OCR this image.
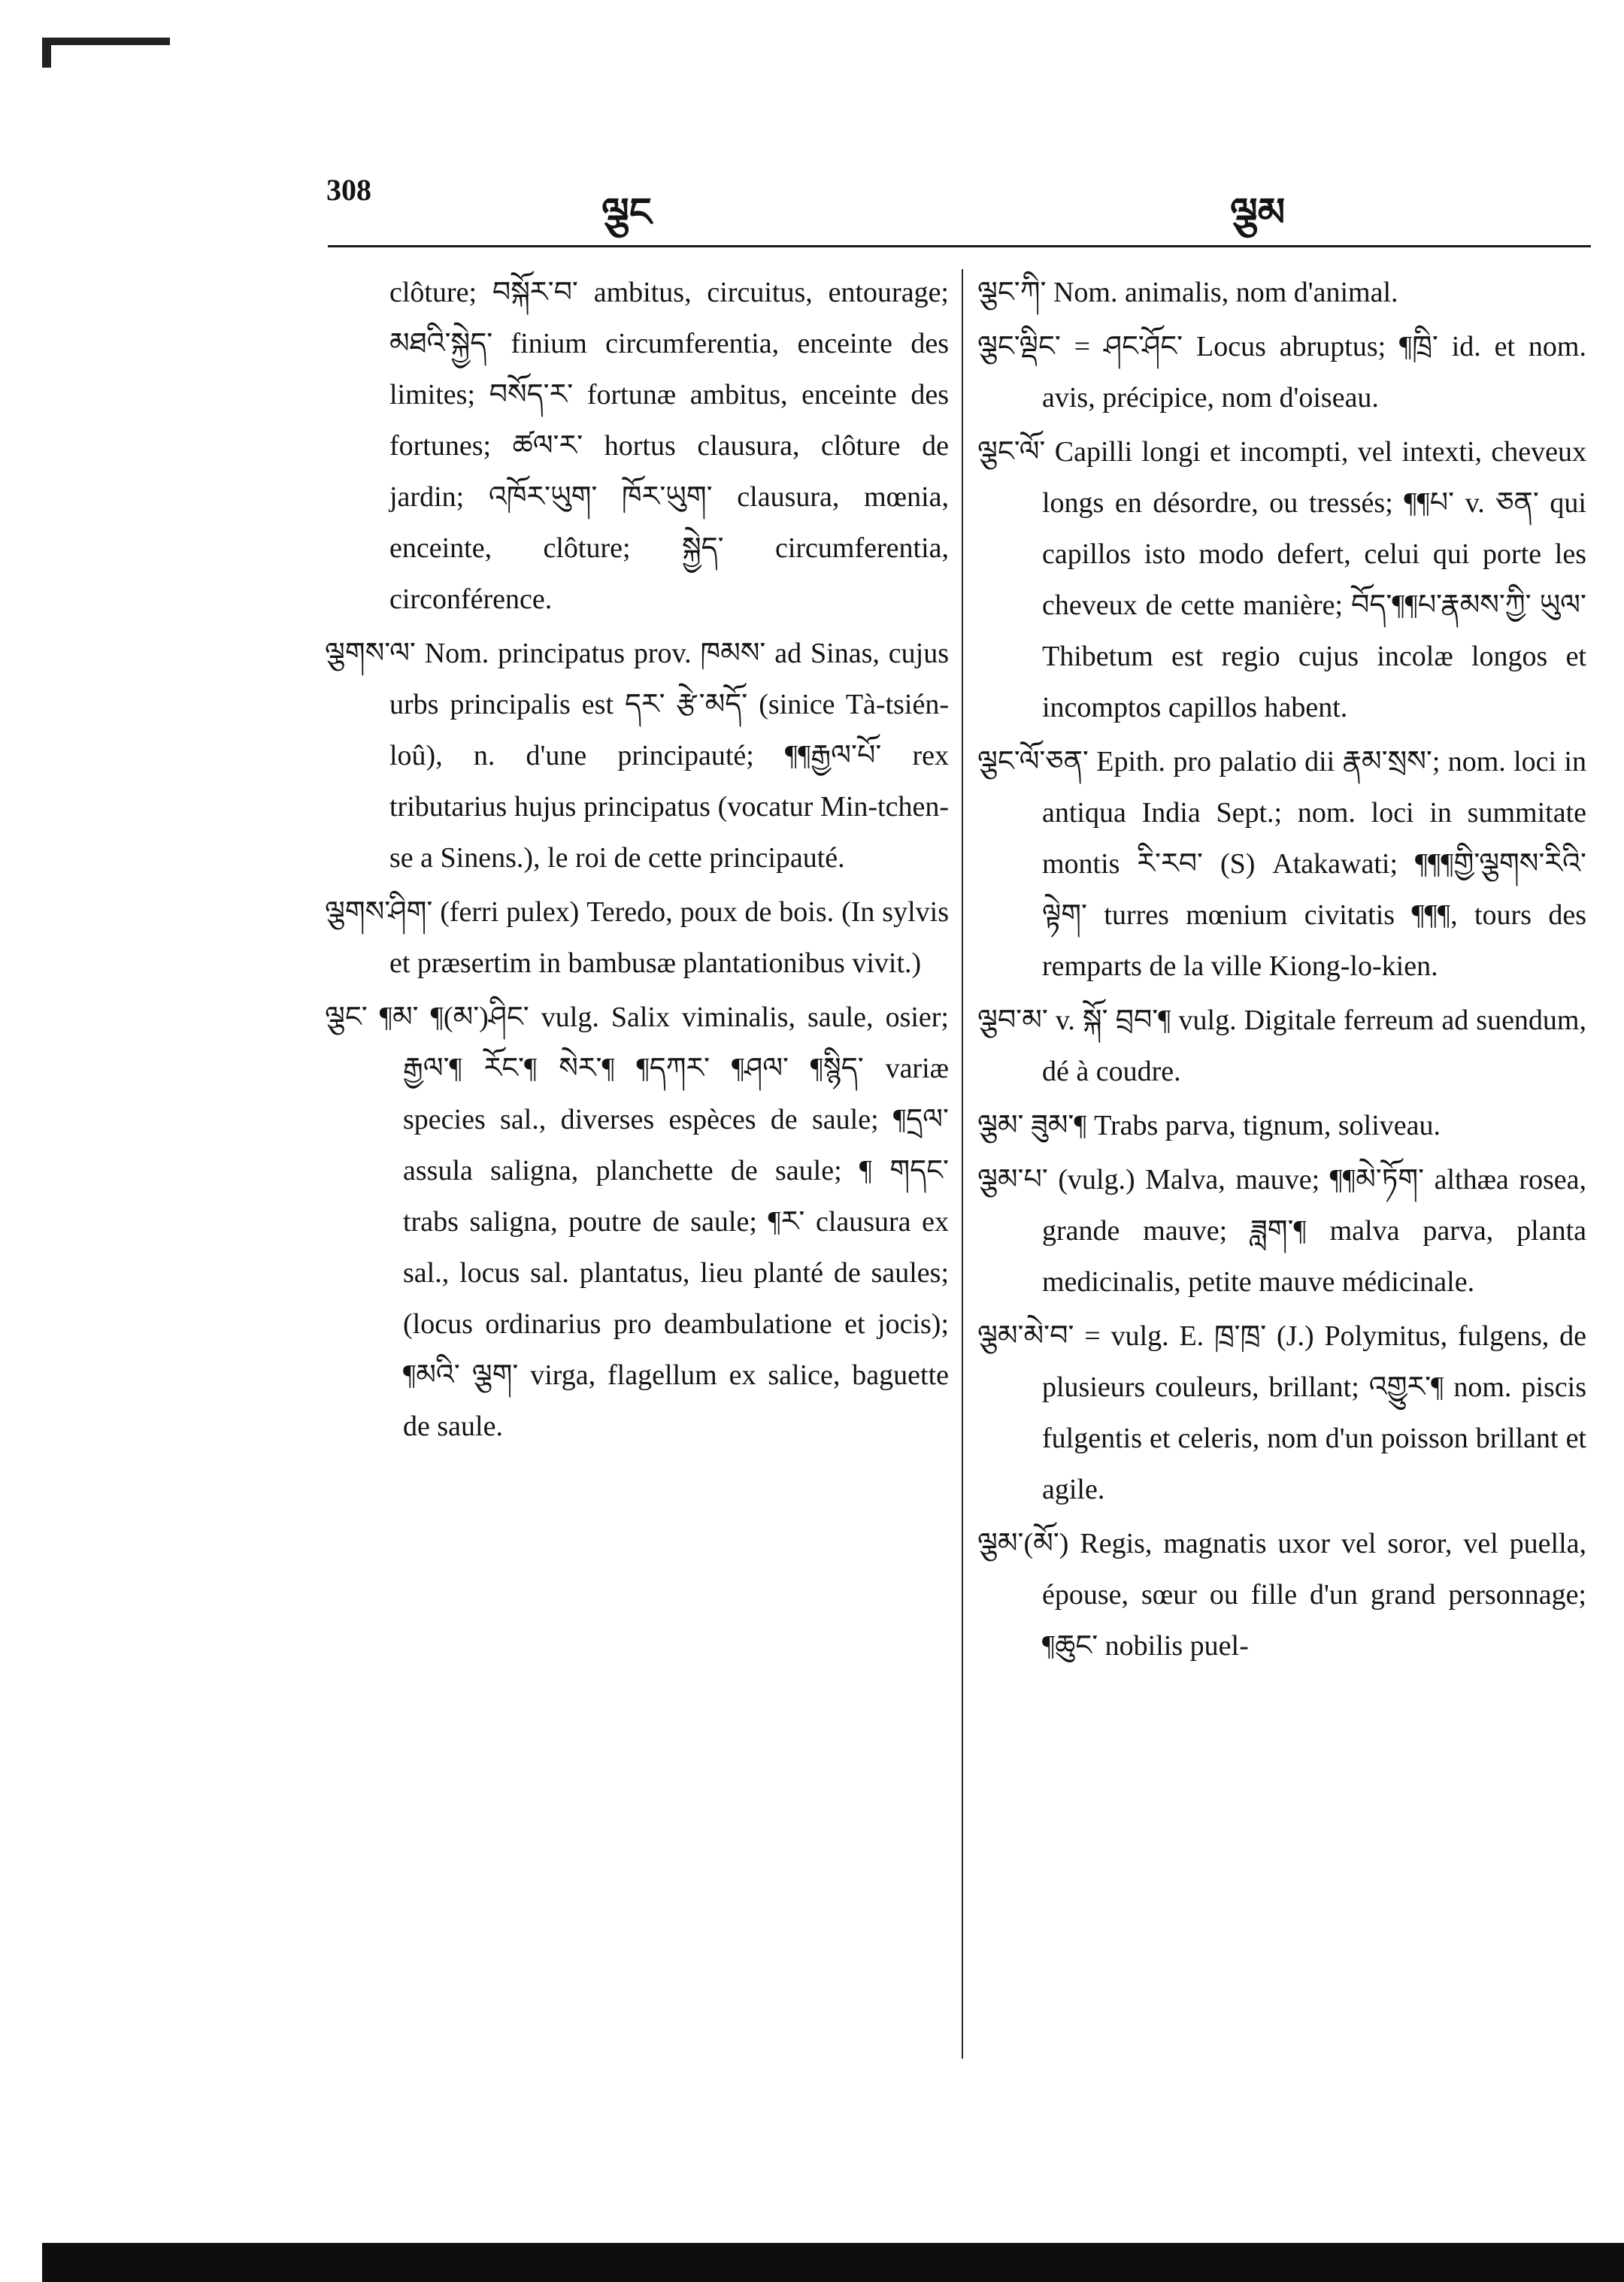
308
ལྕང	ལྕམ

clôture; བསྐོར་བ་ ambitus, circuitus, entourage; མཐའི་སྐྱེད་ finium circumferentia, enceinte des limites; བསོད་ར་ fortunæ ambitus, enceinte des fortunes; ཚལ་ར་ hortus clausura, clôture de jardin; འཁོར་ཡུག་ ཁོར་ཡུག་ clausura, mœnia, enceinte, clôture; སྐྱེད་ circumferentia, circonférence.

ལྕགས་ལ་ Nom. principatus prov. ཁམས་ ad Sinas, cujus urbs principalis est དར་ རྩེ་མདོ་ (sinice Tà-tsién-loû), n. d'une principauté; ¶¶རྒྱལ་པོ་ rex tributarius hujus principatus (vocatur Min-tchen-se a Sinens.), le roi de cette principauté.

ལྕགས་ཤིག་ (ferri pulex) Teredo, poux de bois. (In sylvis et præsertim in bambusæ plantationibus vivit.)

ལྕང་ ¶མ་ ¶(མ་)ཤིང་ vulg. Salix viminalis, saule, osier; རྒྱལ་¶ རོང་¶ སེར་¶ ¶དཀར་ ¶ཤལ་ ¶སྙིད་ variæ species sal., diverses espèces de saule; ¶དྲལ་ assula saligna, planchette de saule; ¶ གདང་ trabs saligna, poutre de saule; ¶ར་ clausura ex sal., locus sal. plantatus, lieu planté de saules; (locus ordinarius pro deambulatione et jocis); ¶མའི་ ལྕག་ virga, flagellum ex salice, baguette de saule.

ལྕང་ཀི་ Nom. animalis, nom d'animal.

ལྕང་ལྡིང་ = ཤང་ཤོང་ Locus abruptus; ¶ཁྲི་ id. et nom. avis, précipice, nom d'oiseau.

ལྕང་ལོ་ Capilli longi et incompti, vel intexti, cheveux longs en désordre, ou tressés; ¶¶པ་ v. ཅན་ qui capillos isto modo defert, celui qui porte les cheveux de cette manière; བོད་¶¶པ་རྣམས་ཀྱི་ ཡུལ་ Thibetum est regio cujus incolæ longos et incomptos capillos habent.

ལྕང་ལོ་ཅན་ Epith. pro palatio dii རྣམ་སྲས་; nom. loci in antiqua India Sept.; nom. loci in summitate montis རི་རབ་ (S) Atakawati; ¶¶¶གྱི་ལྕགས་རིའི་ལྟེག་ turres mœnium civitatis ¶¶¶, tours des remparts de la ville Kiong-lo-kien.

ལྕབ་མ་ v. སྐོ་ བྲབ་¶ vulg. Digitale ferreum ad suendum, dé à coudre.

ལྕམ་ ཟུམ་¶ Trabs parva, tignum, soliveau.

ལྕམ་པ་ (vulg.) Malva, mauve; ¶¶མེ་ཏོག་ althæa rosea, grande mauve; ཟླག་¶ malva parva, planta medicinalis, petite mauve médicinale.

ལྕམ་མེ་བ་ = vulg. E. ཁྲ་ཁྲ་ (J.) Polymitus, fulgens, de plusieurs couleurs, brillant; འགྱུར་¶ nom. piscis fulgentis et celeris, nom d'un poisson brillant et agile.

ལྕམ་(མོ་) Regis, magnatis uxor vel soror, vel puella, épouse, sœur ou fille d'un grand personnage; ¶ཆུང་ nobilis puel-
